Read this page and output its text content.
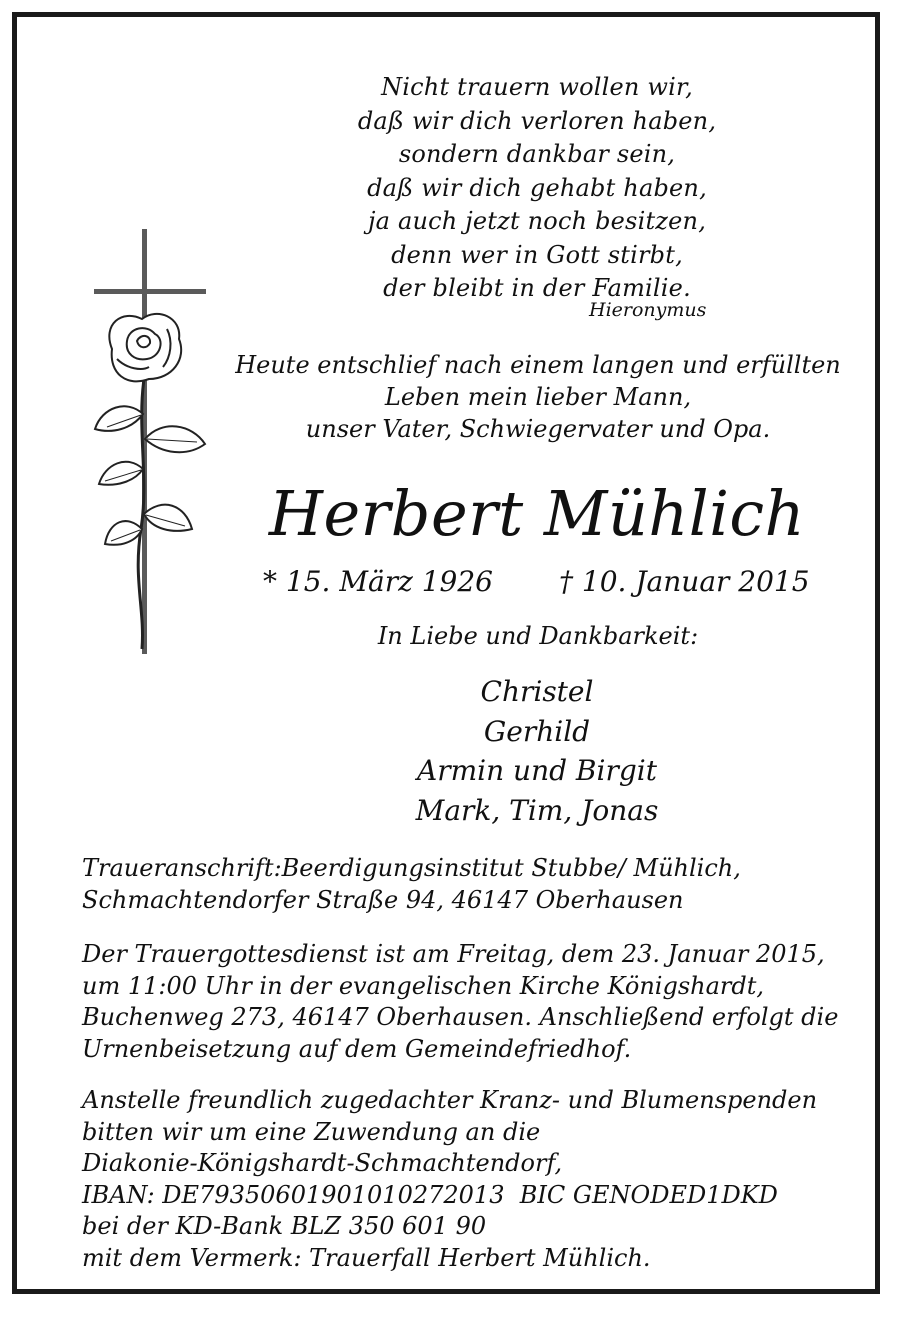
Nicht trauern wollen wir,
daß wir dich verloren haben,
sondern dankbar sein,
daß wir dich gehabt haben,
ja auch jetzt noch besitzen,
denn wer in Gott stirbt,
der bleibt in der Familie.
Hieronymus
Heute entschlief nach einem langen und erfüllten
Leben mein lieber Mann,
unser Vater, Schwiegervater und Opa.
Herbert Mühlich
* 15. März 1926 † 10. Januar 2015
In Liebe und Dankbarkeit:
Christel
Gerhild
Armin und Birgit
Mark, Tim, Jonas
Traueranschrift:Beerdigungsinstitut Stubbe/ Mühlich,
Schmachtendorfer Straße 94, 46147 Oberhausen
Der Trauergottesdienst ist am Freitag, dem 23. Januar 2015,
um 11:00 Uhr in der evangelischen Kirche Königshardt,
Buchenweg 273, 46147 Oberhausen. Anschließend erfolgt die
Urnenbeisetzung auf dem Gemeindefriedhof.
Anstelle freundlich zugedachter Kranz- und Blumenspenden
bitten wir um eine Zuwendung an die
Diakonie-Königshardt-Schmachtendorf,
IBAN: DE79350601901010272013  BIC GENODED1DKD
bei der KD-Bank BLZ 350 601 90
mit dem Vermerk: Trauerfall Herbert Mühlich.
